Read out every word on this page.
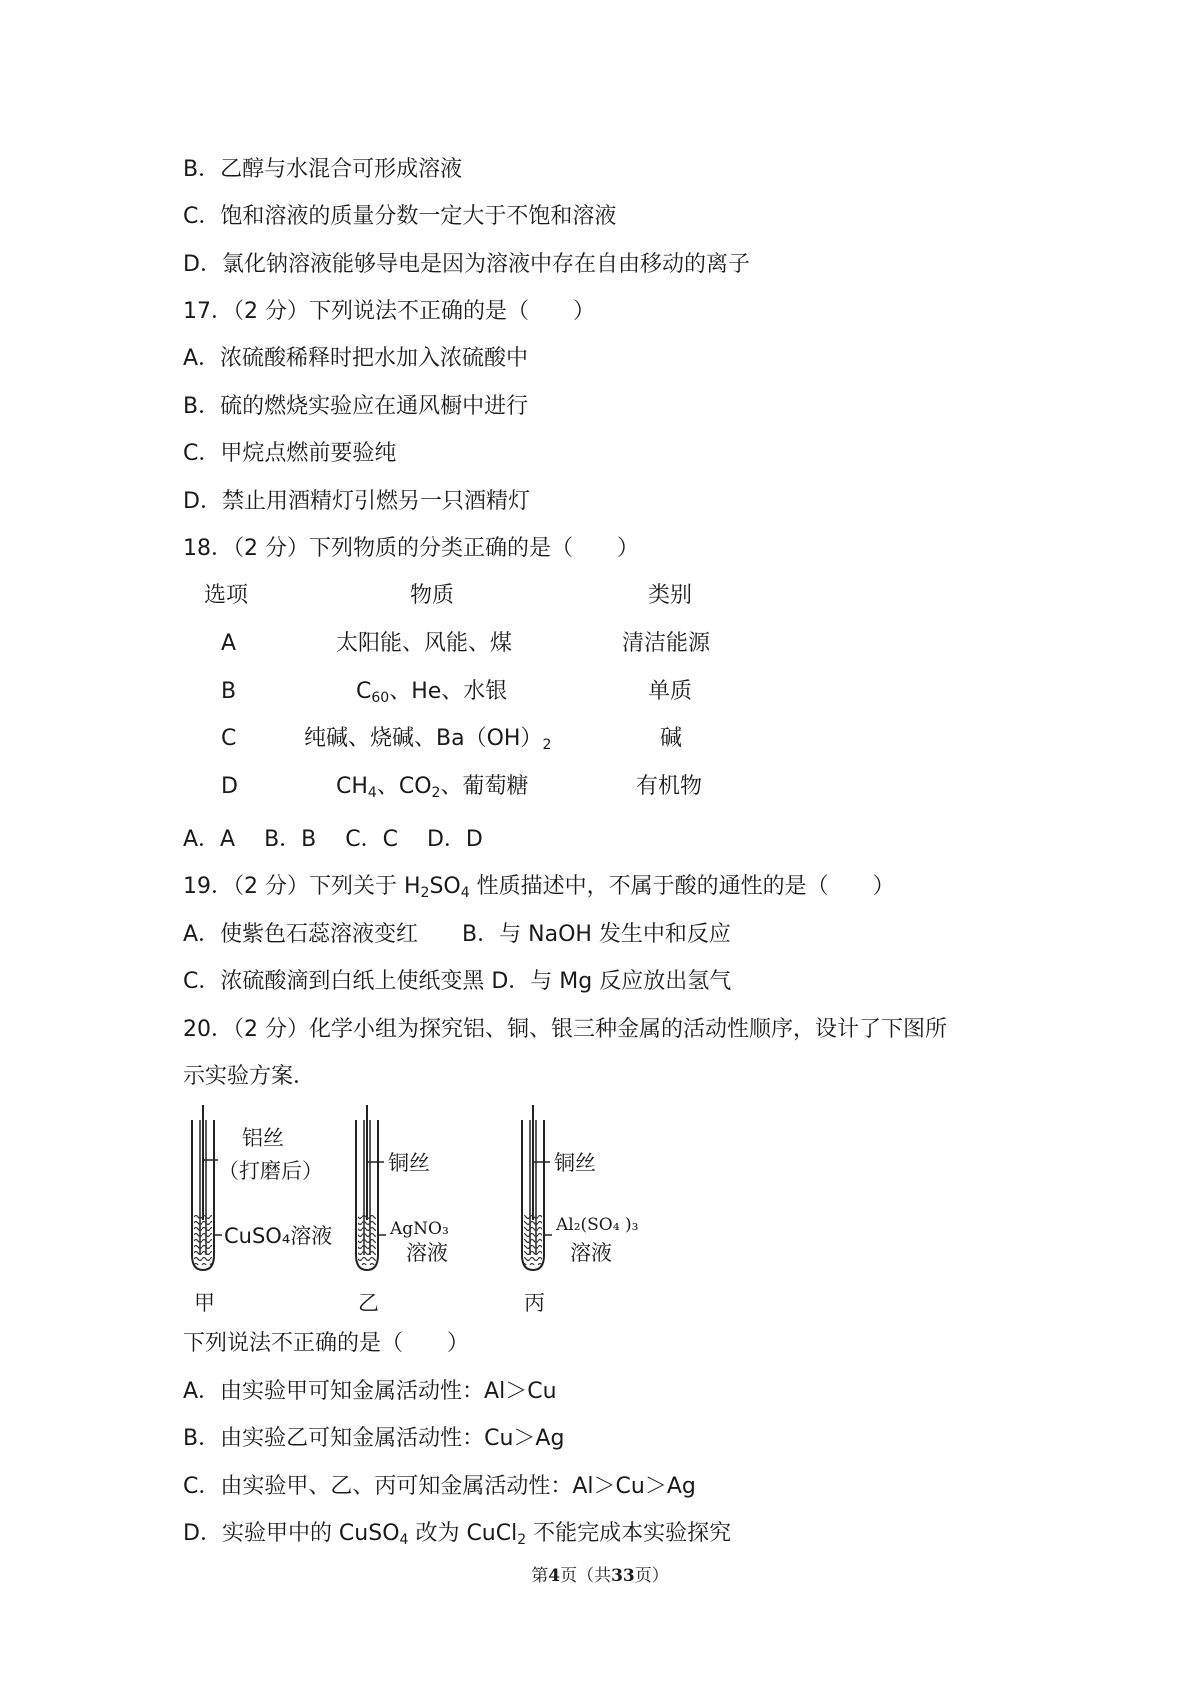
B．乙醇与水混合可形成溶液
C．饱和溶液的质量分数一定大于不饱和溶液
D．氯化钠溶液能够导电是因为溶液中存在自由移动的离子
17．（2 分）下列说法不正确的是（　　）
A．浓硫酸稀释时把水加入浓硫酸中
B．硫的燃烧实验应在通风橱中进行
C．甲烷点燃前要验纯
D．禁止用酒精灯引燃另一只酒精灯
18．（2 分）下列物质的分类正确的是（　　）
选项	物质	类别
A	太阳能、风能、煤	清洁能源
B	$C_{60}$、He、水银	单质
C	纯碱、烧碱、$Ba(OH)_2$	碱
D	$CH_4$、$CO_2$、葡萄糖	有机物
A．A　 B．B　 C．C　 D．D
19．（2 分）下列关于 $H_2SO_4$ 性质描述中，不属于酸的通性的是（　　）
A．使紫色石蕊溶液变红　　B．与 NaOH 发生中和反应
C．浓硫酸滴到白纸上使纸变黑 D．与 Mg 反应放出氢气
20．（2 分）化学小组为探究铝、铜、银三种金属的活动性顺序，设计了下图所
示实验方案．
铝丝
（打磨后）
CuSO₄溶液
甲
铜丝
AgNO₃
溶液
乙
铜丝
Al₂(SO₄ )₃
溶液
丙
下列说法不正确的是（　　）
A．由实验甲可知金属活动性：Al＞Cu
B．由实验乙可知金属活动性：Cu＞Ag
C．由实验甲、乙、丙可知金属活动性：Al＞Cu＞Ag
D．实验甲中的 CuSO$_4$ 改为 CuCl$_2$ 不能完成本实验探究
第4页（共33页）
